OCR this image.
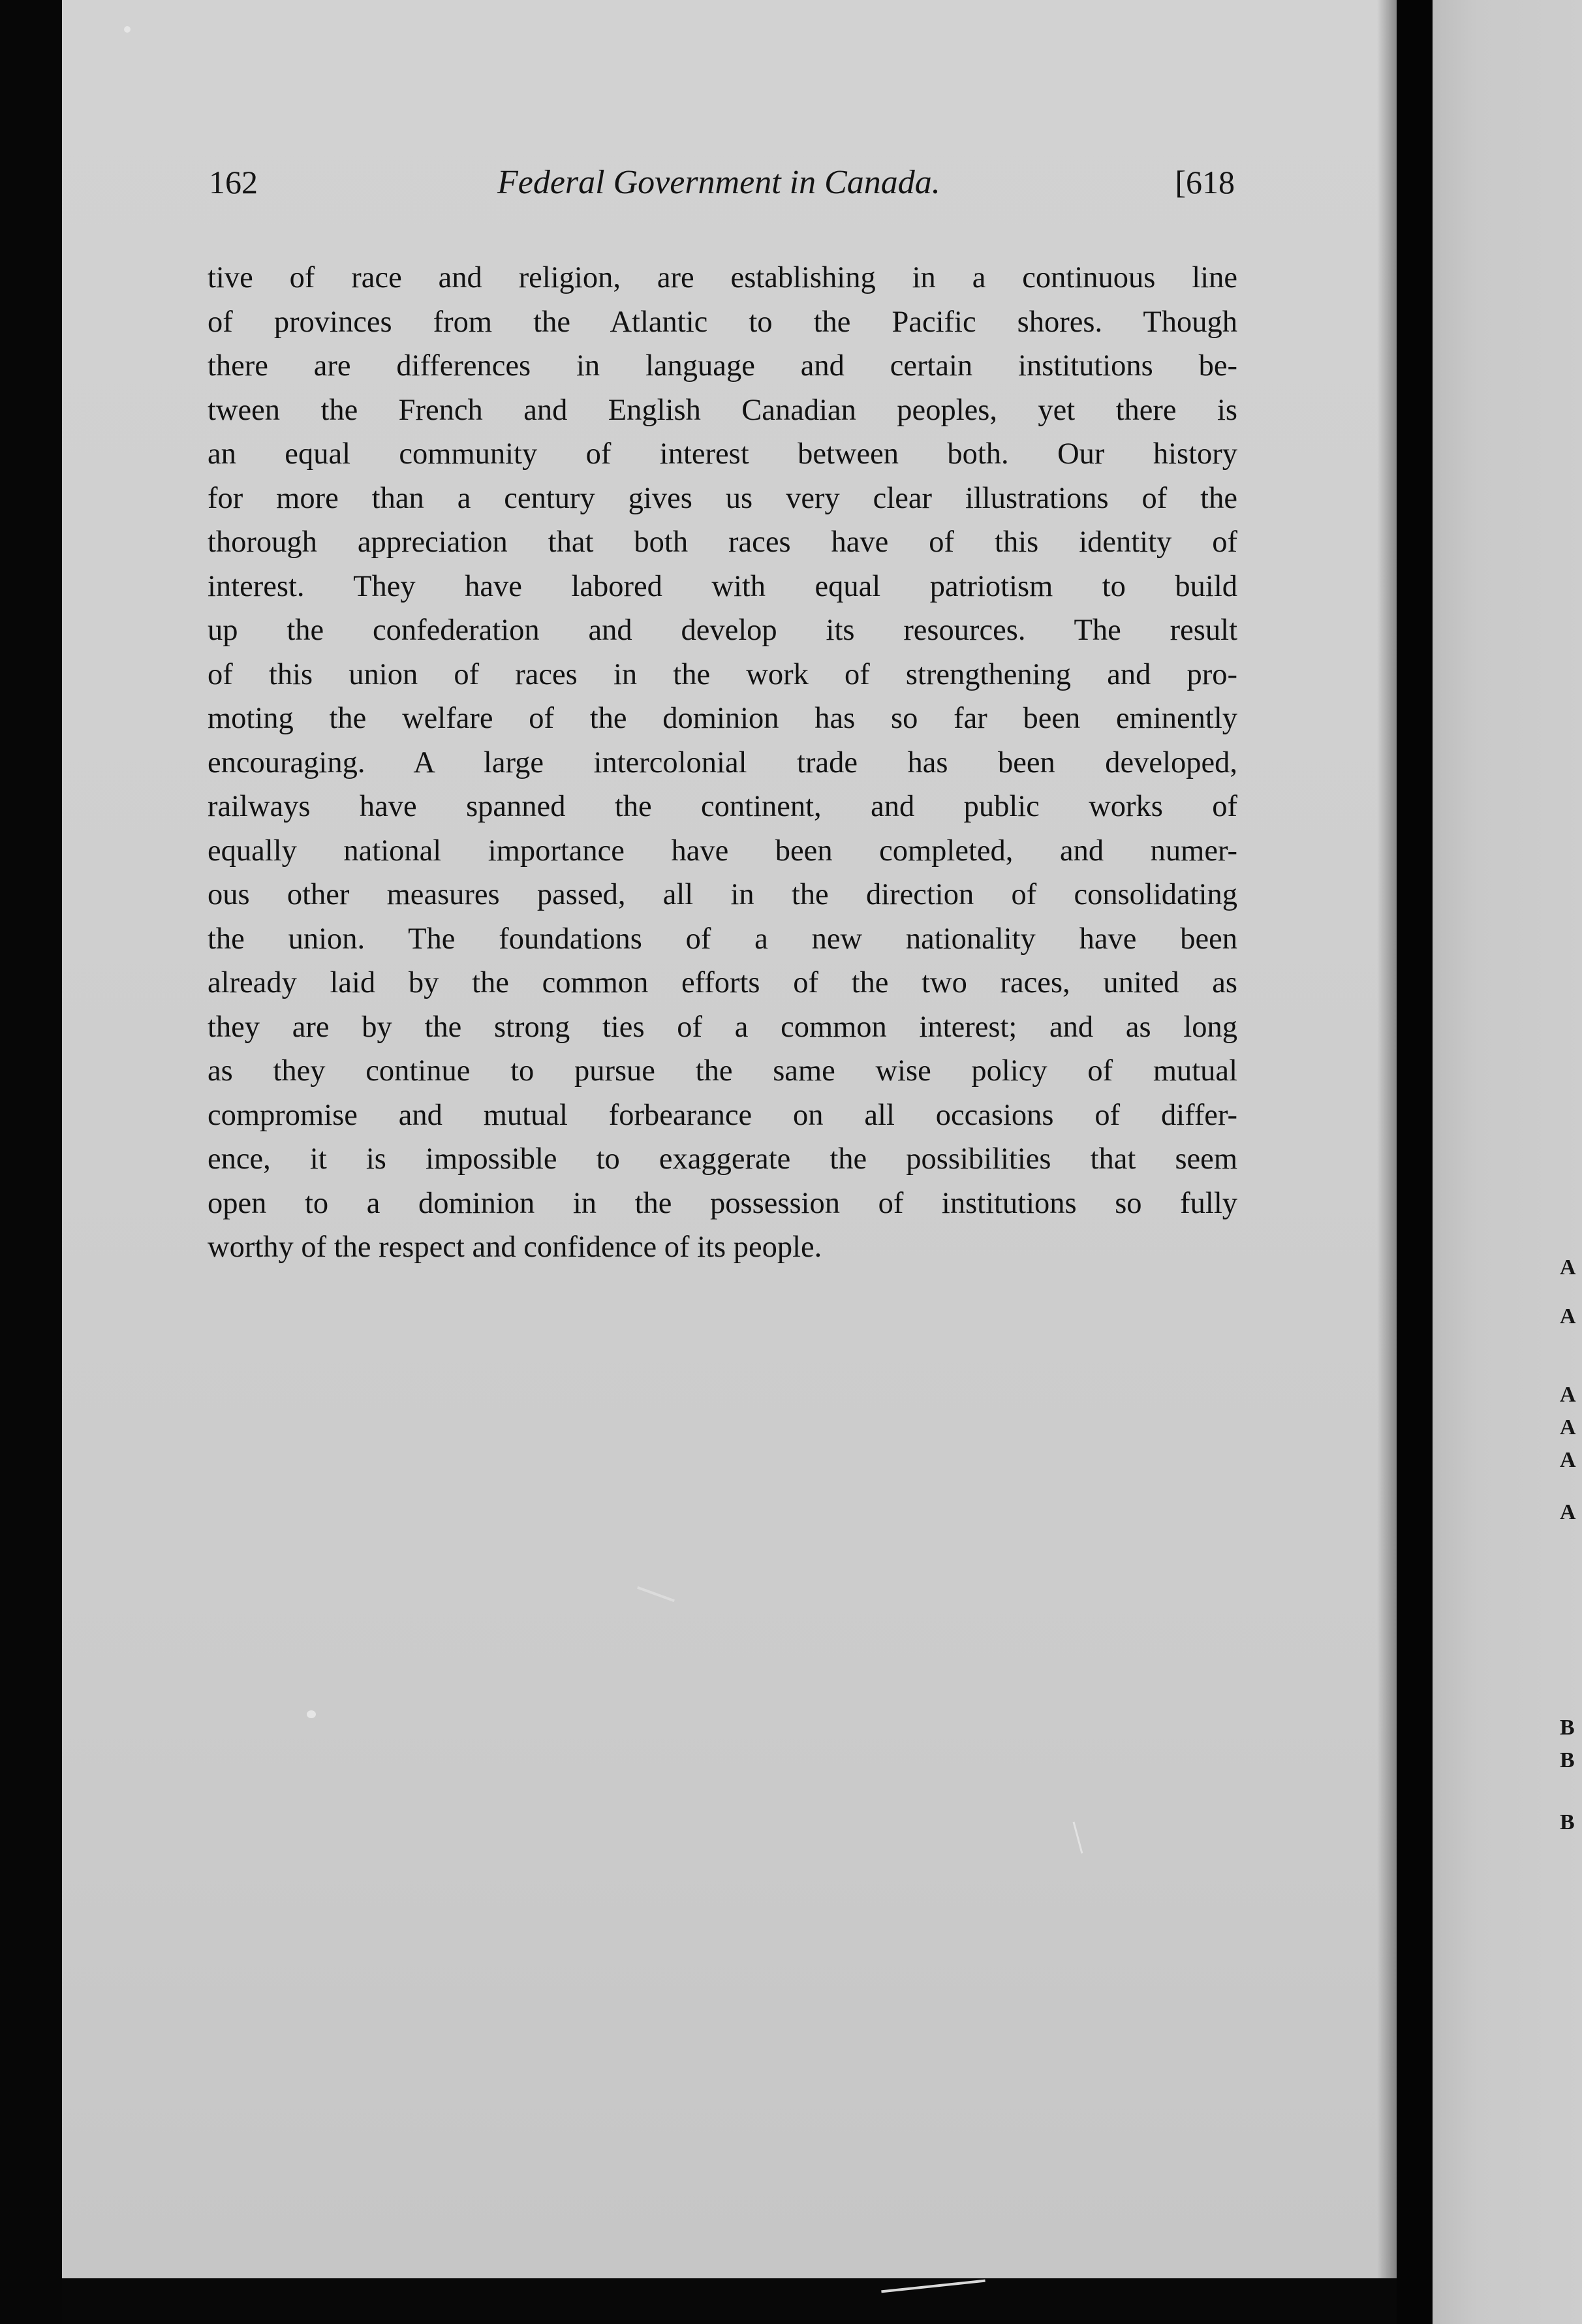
A
A
A
A
A
A
B
B
B
162	Federal Government in Canada.	[618
tive of race and religion, are establishing in a continuous line
of provinces from the Atlantic to the Pacific shores. Though
there are differences in language and certain institutions be-
tween the French and English Canadian peoples, yet there is
an equal community of interest between both. Our history
for more than a century gives us very clear illustrations of the
thorough appreciation that both races have of this identity of
interest. They have labored with equal patriotism to build
up the confederation and develop its resources. The result
of this union of races in the work of strengthening and pro-
moting the welfare of the dominion has so far been eminently
encouraging. A large intercolonial trade has been developed,
railways have spanned the continent, and public works of
equally national importance have been completed, and numer-
ous other measures passed, all in the direction of consolidating
the union. The foundations of a new nationality have been
already laid by the common efforts of the two races, united as
they are by the strong ties of a common interest; and as long
as they continue to pursue the same wise policy of mutual
compromise and mutual forbearance on all occasions of differ-
ence, it is impossible to exaggerate the possibilities that seem
open to a dominion in the possession of institutions so fully
worthy of the respect and confidence of its people.
